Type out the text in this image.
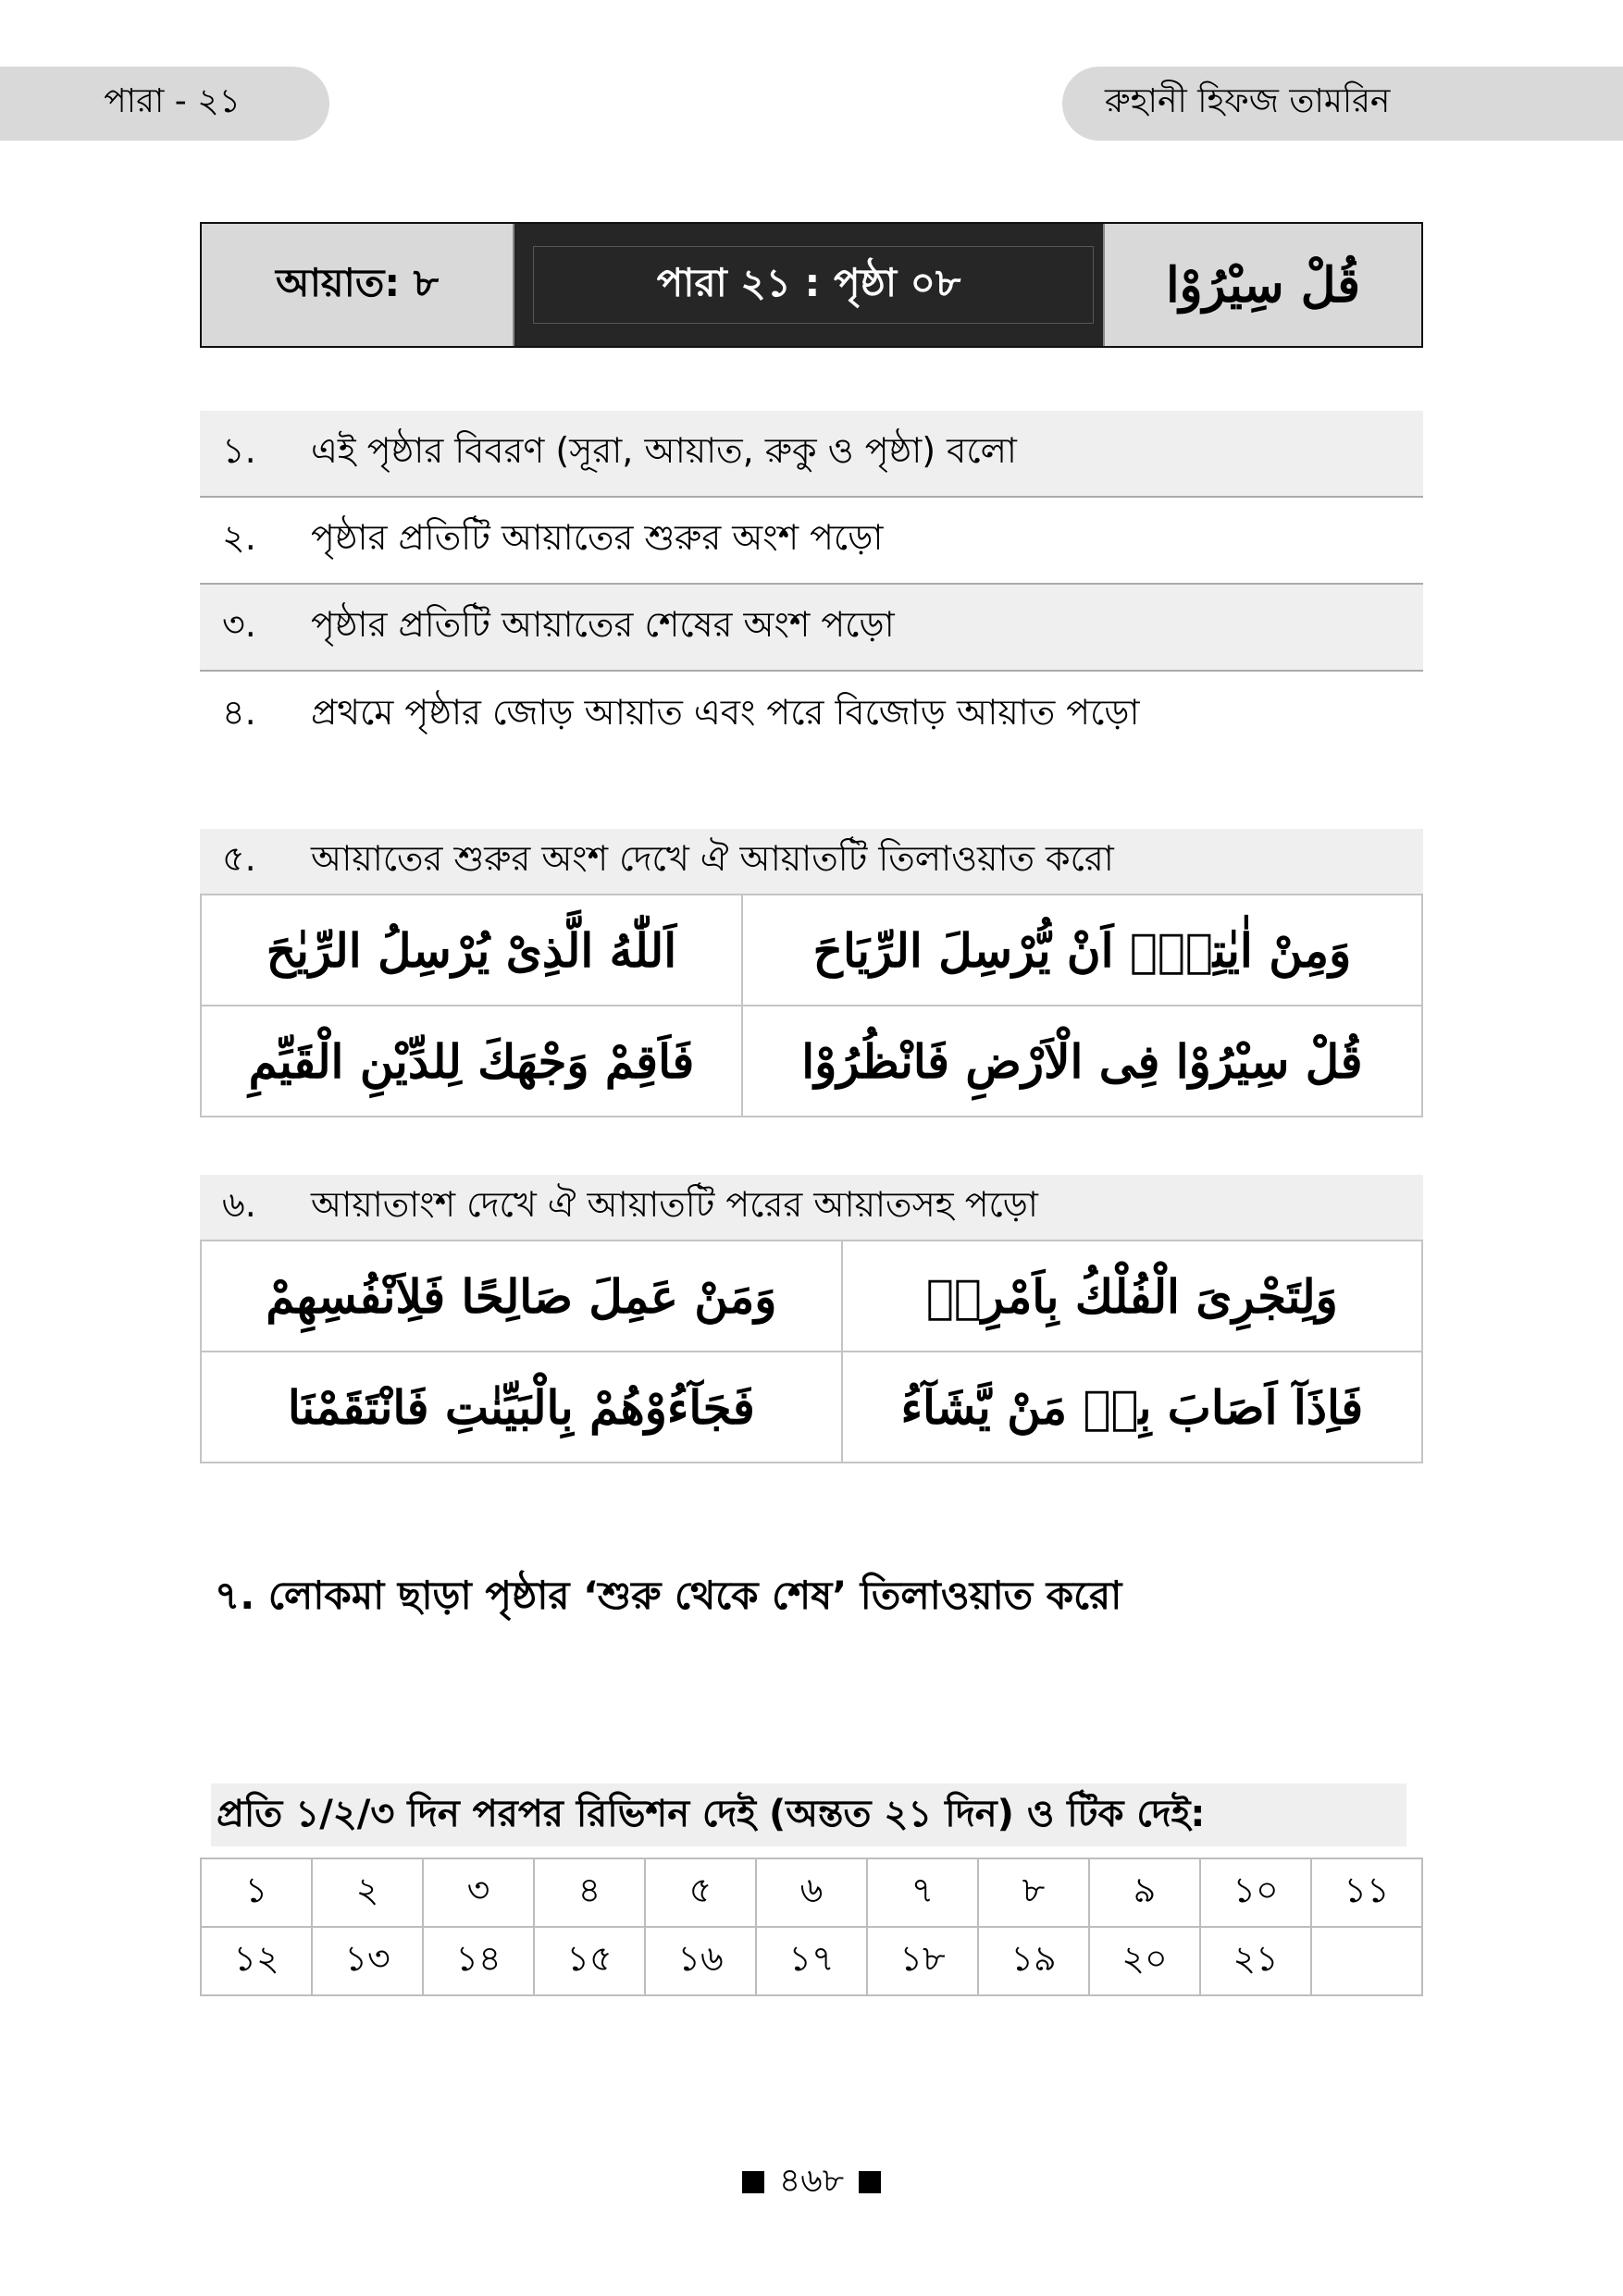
পারা - ২১	রুহানী হিফজ তামরিন
আয়াত: ৮	পারা ২১ : পৃষ্ঠা ০৮	قُلْ سِيْرُوْا
১.	এই পৃষ্ঠার বিবরণ (সূরা, আয়াত, রুকু ও পৃষ্ঠা) বলো
২.	পৃষ্ঠার প্রতিটি আয়াতের শুরুর অংশ পড়ো
৩.	পৃষ্ঠার প্রতিটি আয়াতের শেষের অংশ পড়ো
৪.	প্রথমে পৃষ্ঠার জোড় আয়াত এবং পরে বিজোড় আয়াত পড়ো
৫.	আয়াতের শুরুর অংশ দেখে ঐ আয়াতটি তিলাওয়াত করো
اَللّٰهُ الَّذِىْ يُرْسِلُ الرِّيٰحَ	وَمِنْ اٰيٰتِهٖٓ اَنْ يُّرْسِلَ الرِّيَاحَ
فَاَقِمْ وَجْهَكَ لِلدِّيْنِ الْقَيِّمِ	قُلْ سِيْرُوْا فِى الْاَرْضِ فَانْظُرُوْا
৬.	আয়াতাংশ দেখে ঐ আয়াতটি পরের আয়াতসহ পড়ো
وَمَنْ عَمِلَ صَالِحًا فَلِاَنْفُسِهِمْ	وَلِتَجْرِىَ الْفُلْكُ بِاَمْرِهٖ
فَجَآءُوْهُمْ بِالْبَيِّنٰتِ فَانْتَقَمْنَا	فَاِذَآ اَصَابَ بِهٖ مَنْ يَّشَآءُ
৭. লোকমা ছাড়া পৃষ্ঠার ‘শুরু থেকে শেষ’ তিলাওয়াত করো
প্রতি ১/২/৩ দিন পরপর রিভিশন দেই (অন্তত ২১ দিন) ও টিক দেই:
১	২	৩	৪	৫	৬	৭	৮	৯	১০	১১
১২	১৩	১৪	১৫	১৬	১৭	১৮	১৯	২০	২১	
৪৬৮
